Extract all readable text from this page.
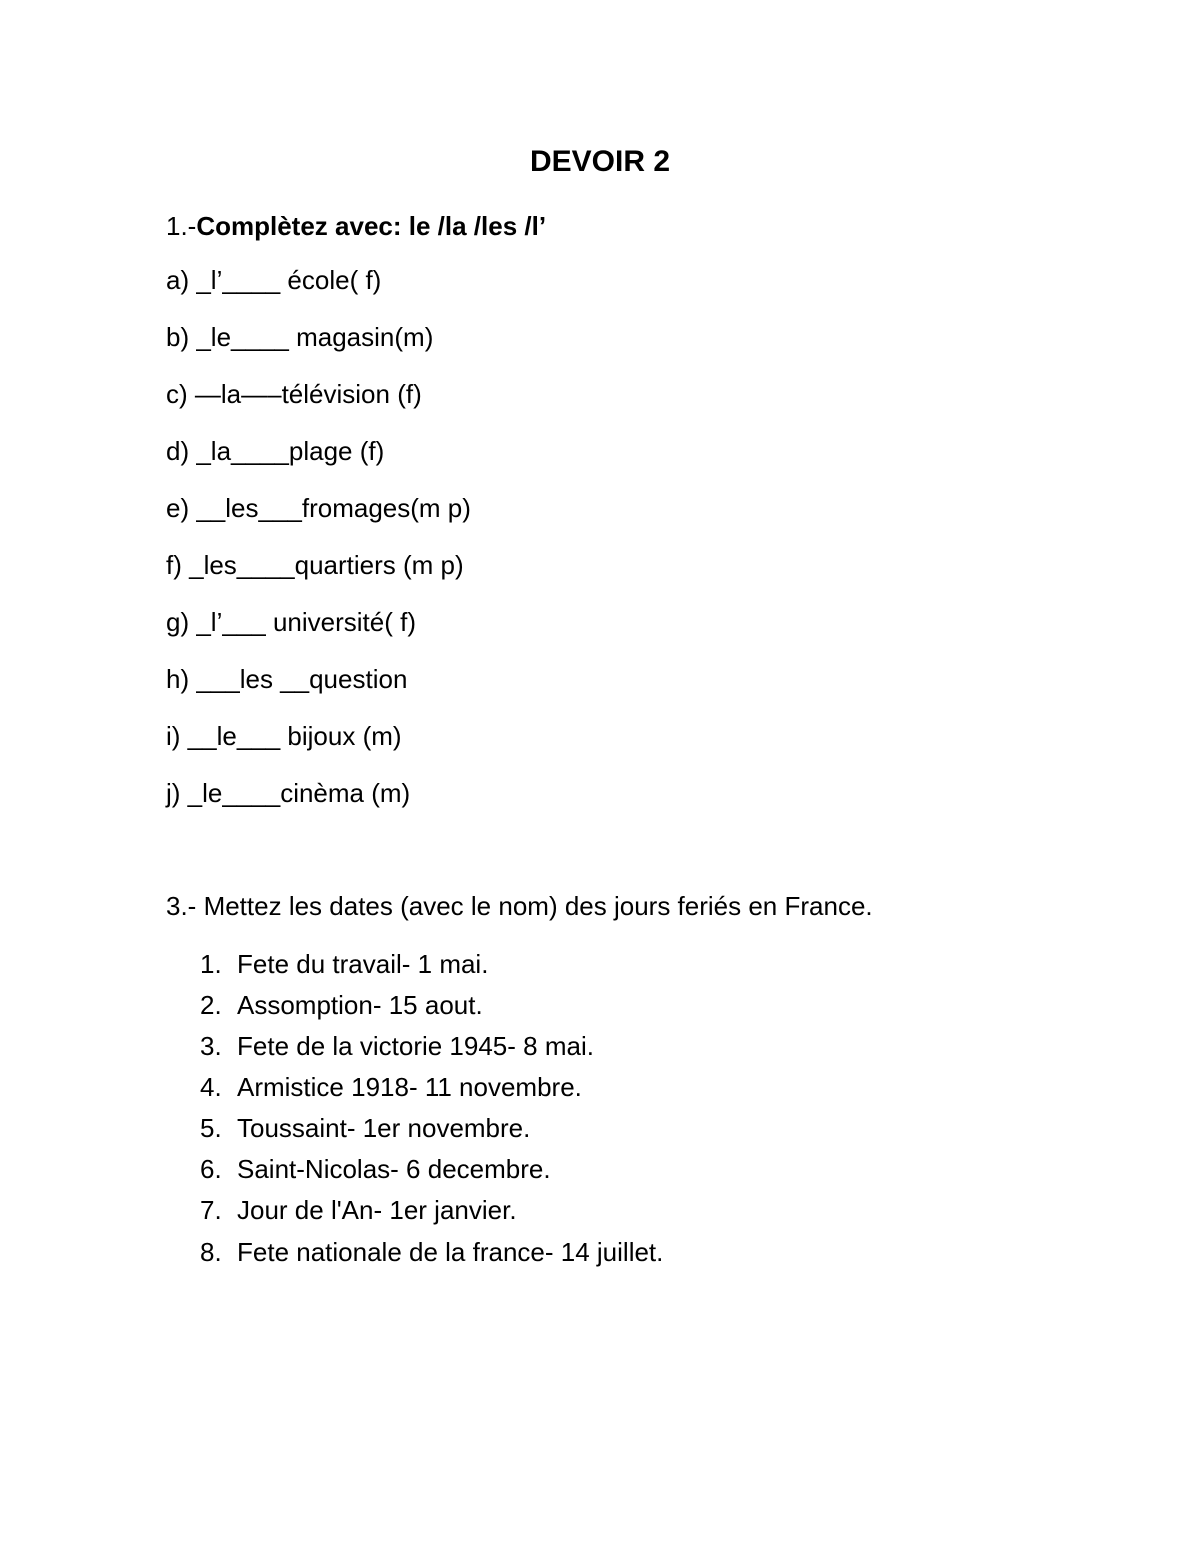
DEVOIR 2
1.-Complètez avec: le /la /les /l’
a) _l’____ école( f)
b) _le____ magasin(m)
c) —la—–télévision (f)
d) _la____plage (f)
e) __les___fromages(m p)
f) _les____quartiers (m p)
g) _l’___ université( f)
h) ___les __question
i) __le___ bijoux (m)
j) _le____cinèma (m)
3.- Mettez les dates (avec le nom) des jours feriés en France.
1. Fete du travail- 1 mai.
2. Assomption- 15 aout.
3. Fete de la victorie 1945- 8 mai.
4. Armistice 1918- 11 novembre.
5. Toussaint- 1er novembre.
6. Saint-Nicolas- 6 decembre.
7. Jour de l'An- 1er janvier.
8. Fete nationale de la france- 14 juillet.
